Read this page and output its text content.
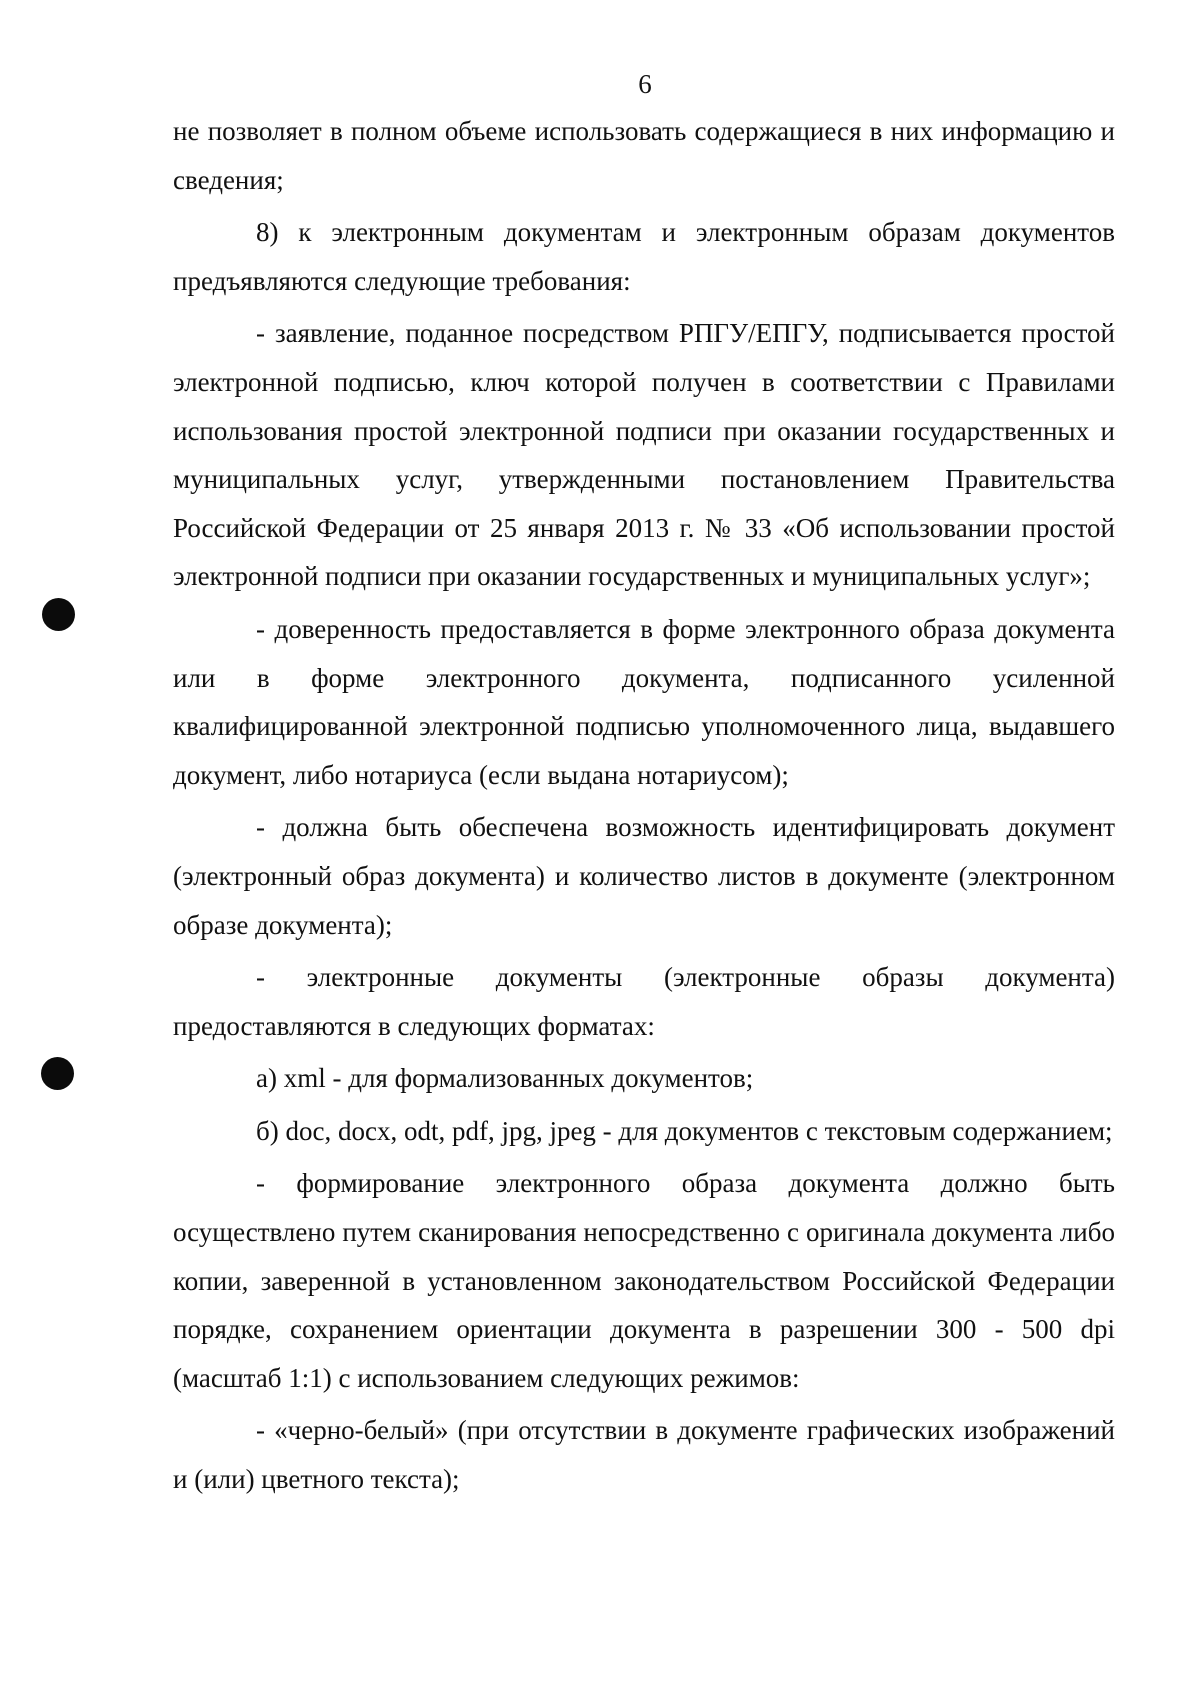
6

не позволяет в полном объеме использовать содержащиеся в них информацию и сведения;

8) к электронным документам и электронным образам документов предъявляются следующие требования:

- заявление, поданное посредством РПГУ/ЕПГУ, подписывается простой электронной подписью, ключ которой получен в соответствии с Правилами использования простой электронной подписи при оказании государственных и муниципальных услуг, утвержденными постановлением Правительства Российской Федерации от 25 января 2013 г. № 33 «Об использовании простой электронной подписи при оказании государственных и муниципальных услуг»;

- доверенность предоставляется в форме электронного образа документа или в форме электронного документа, подписанного усиленной квалифицированной электронной подписью уполномоченного лица, выдавшего документ, либо нотариуса (если выдана нотариусом);

- должна быть обеспечена возможность идентифицировать документ (электронный образ документа) и количество листов в документе (электронном образе документа);

- электронные документы (электронные образы документа) предоставляются в следующих форматах:

а) xml - для формализованных документов;

б) doc, docx, odt, pdf, jpg, jpeg - для документов с текстовым содержанием;

- формирование электронного образа документа должно быть осуществлено путем сканирования непосредственно с оригинала документа либо копии, заверенной в установленном законодательством Российской Федерации порядке, сохранением ориентации документа в разрешении 300 - 500 dpi (масштаб 1:1) с использованием следующих режимов:

- «черно-белый» (при отсутствии в документе графических изображений и (или) цветного текста);
